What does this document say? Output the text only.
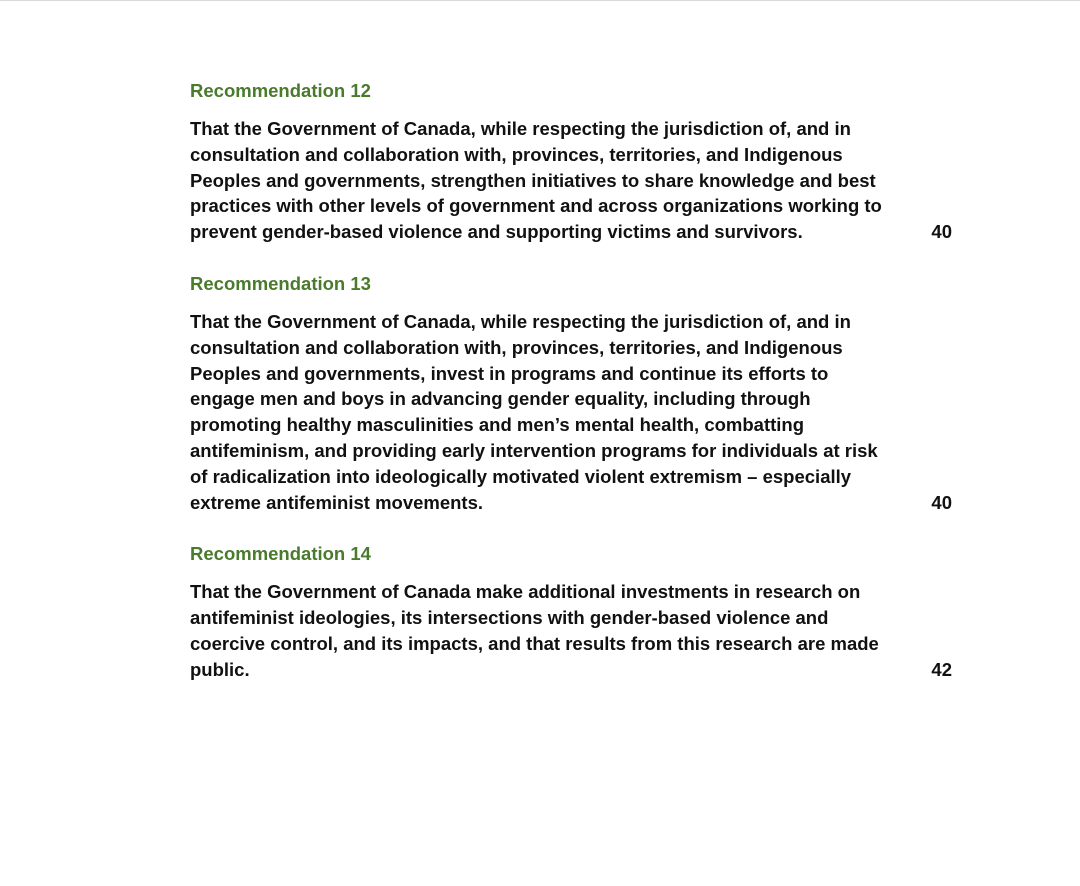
Recommendation 12

That the Government of Canada, while respecting the jurisdiction of, and in consultation and collaboration with, provinces, territories, and Indigenous Peoples and governments, strengthen initiatives to share knowledge and best practices with other levels of government and across organizations working to prevent gender-based violence and supporting victims and survivors.	40
Recommendation 13

That the Government of Canada, while respecting the jurisdiction of, and in consultation and collaboration with, provinces, territories, and Indigenous Peoples and governments, invest in programs and continue its efforts to engage men and boys in advancing gender equality, including through promoting healthy masculinities and men’s mental health, combatting antifeminism, and providing early intervention programs for individuals at risk of radicalization into ideologically motivated violent extremism – especially extreme antifeminist movements.	40
Recommendation 14

That the Government of Canada make additional investments in research on antifeminist ideologies, its intersections with gender-based violence and coercive control, and its impacts, and that results from this research are made public.	42
